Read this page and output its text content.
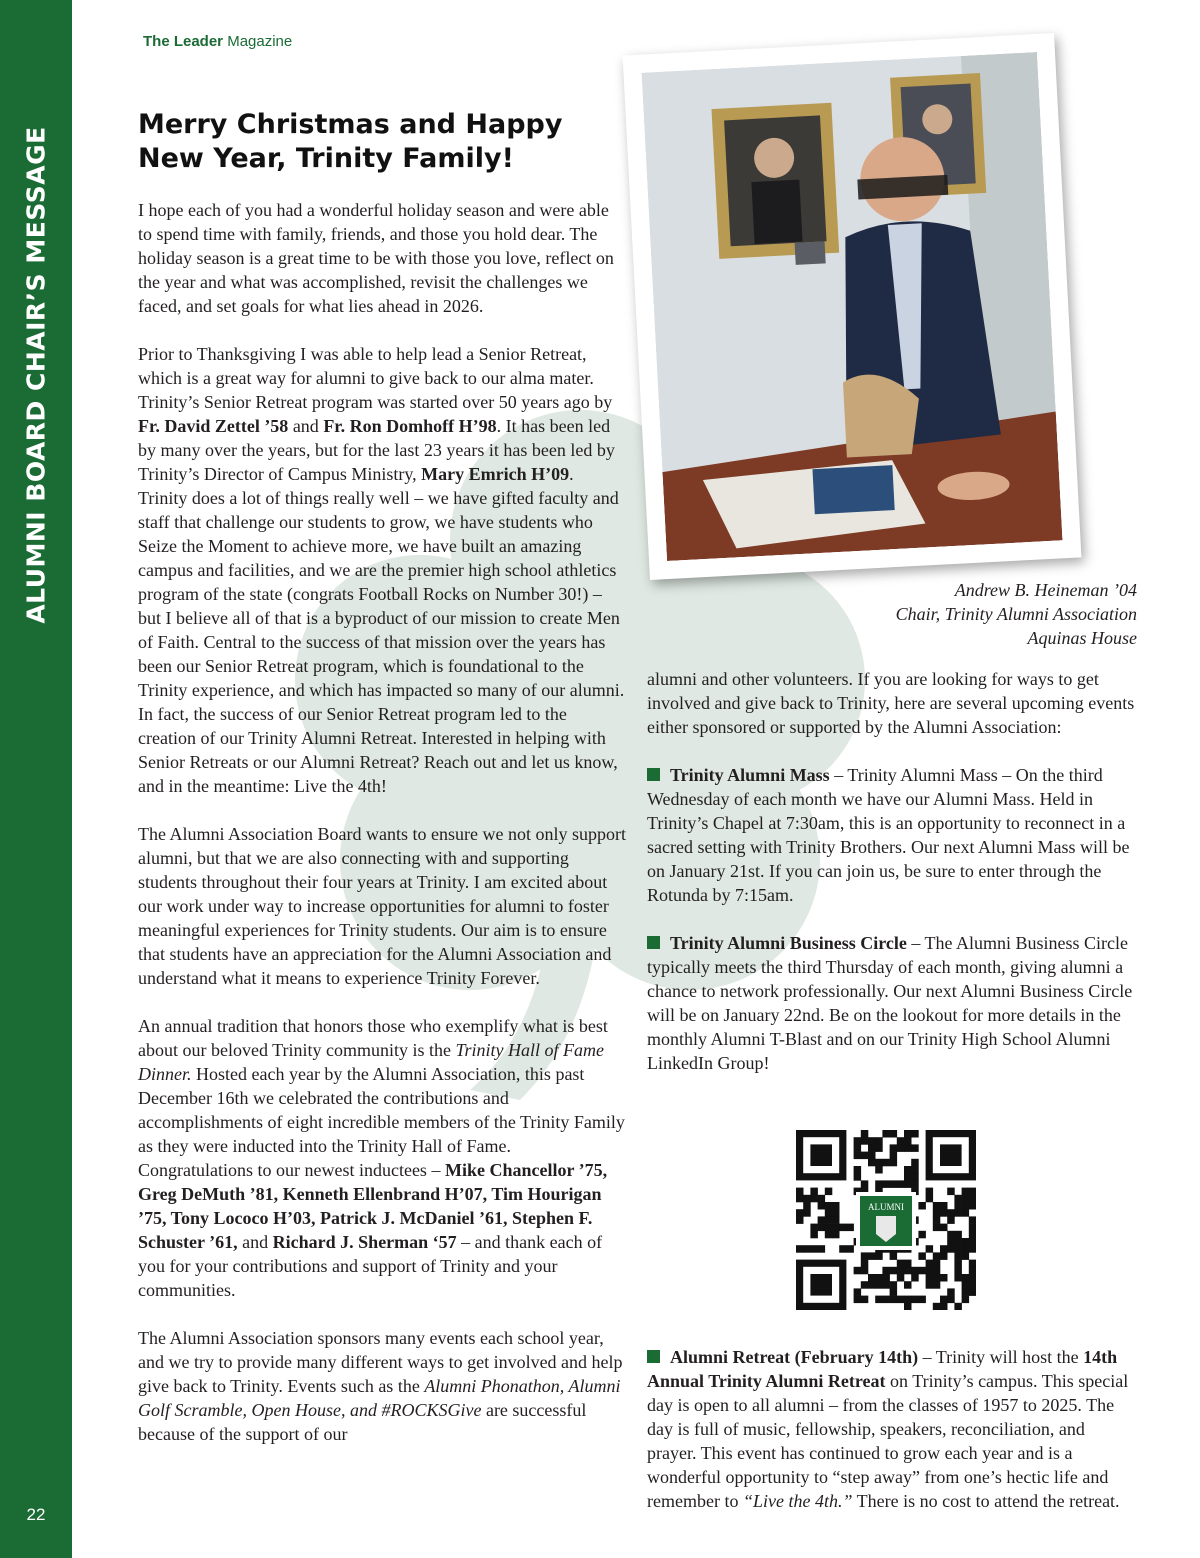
ALUMNI BOARD CHAIR’S MESSAGE
22
The Leader Magazine
Merry Christmas and Happy
New Year, Trinity Family!

I hope each of you had a wonderful holiday season and were able to spend time with family, friends, and those you hold dear. The holiday season is a great time to be with those you love, reflect on the year and what was accomplished, revisit the challenges we faced, and set goals for what lies ahead in 2026.

Prior to Thanksgiving I was able to help lead a Senior Retreat, which is a great way for alumni to give back to our alma mater. Trinity’s Senior Retreat program was started over 50 years ago by Fr. David Zettel ’58 and Fr. Ron Domhoff H’98. It has been led by many over the years, but for the last 23 years it has been led by Trinity’s Director of Campus Ministry, Mary Emrich H’09. Trinity does a lot of things really well – we have gifted faculty and staff that challenge our students to grow, we have students who Seize the Moment to achieve more, we have built an amazing campus and facilities, and we are the premier high school athletics program of the state (congrats Football Rocks on Number 30!) – but I believe all of that is a byproduct of our mission to create Men of Faith. Central to the success of that mission over the years has been our Senior Retreat program, which is foundational to the Trinity experience, and which has impacted so many of our alumni. In fact, the success of our Senior Retreat program led to the creation of our Trinity Alumni Retreat. Interested in helping with Senior Retreats or our Alumni Retreat? Reach out and let us know, and in the meantime: Live the 4th!

The Alumni Association Board wants to ensure we not only support alumni, but that we are also connecting with and supporting students throughout their four years at Trinity. I am excited about our work under way to increase opportunities for alumni to foster meaningful experiences for Trinity students. Our aim is to ensure that students have an appreciation for the Alumni Association and understand what it means to experience Trinity Forever.

An annual tradition that honors those who exemplify what is best about our beloved Trinity community is the Trinity Hall of Fame Dinner. Hosted each year by the Alumni Association, this past December 16th we celebrated the contributions and accomplishments of eight incredible members of the Trinity Family as they were inducted into the Trinity Hall of Fame. Congratulations to our newest inductees – Mike Chancellor ’75, Greg DeMuth ’81, Kenneth Ellenbrand H’07, Tim Hourigan ’75, Tony Lococo H’03, Patrick J. McDaniel ’61, Stephen F. Schuster ’61, and Richard J. Sherman ‘57 – and thank each of you for your contributions and support of Trinity and your communities.

The Alumni Association sponsors many events each school year, and we try to provide many different ways to get involved and help give back to Trinity. Events such as the Alumni Phonathon, Alumni Golf Scramble, Open House, and #ROCKSGive are successful because of the support of our

Andrew B. Heineman ’04
Chair, Trinity Alumni Association
Aquinas House

alumni and other volunteers. If you are looking for ways to get involved and give back to Trinity, here are several upcoming events either sponsored or supported by the Alumni Association:

Trinity Alumni Mass – Trinity Alumni Mass – On the third Wednesday of each month we have our Alumni Mass. Held in Trinity’s Chapel at 7:30am, this is an opportunity to reconnect in a sacred setting with Trinity Brothers. Our next Alumni Mass will be on January 21st. If you can join us, be sure to enter through the Rotunda by 7:15am.

Trinity Alumni Business Circle – The Alumni Business Circle typically meets the third Thursday of each month, giving alumni a chance to network professionally. Our next Alumni Business Circle will be on January 22nd. Be on the lookout for more details in the monthly Alumni T-Blast and on our Trinity High School Alumni LinkedIn Group!

Alumni Retreat (February 14th) – Trinity will host the 14th Annual Trinity Alumni Retreat on Trinity’s campus. This special day is open to all alumni – from the classes of 1957 to 2025. The day is full of music, fellowship, speakers, reconciliation, and prayer. This event has continued to grow each year and is a wonderful opportunity to “step away” from one’s hectic life and remember to “Live the 4th.” There is no cost to attend the retreat.

ALUMNI
